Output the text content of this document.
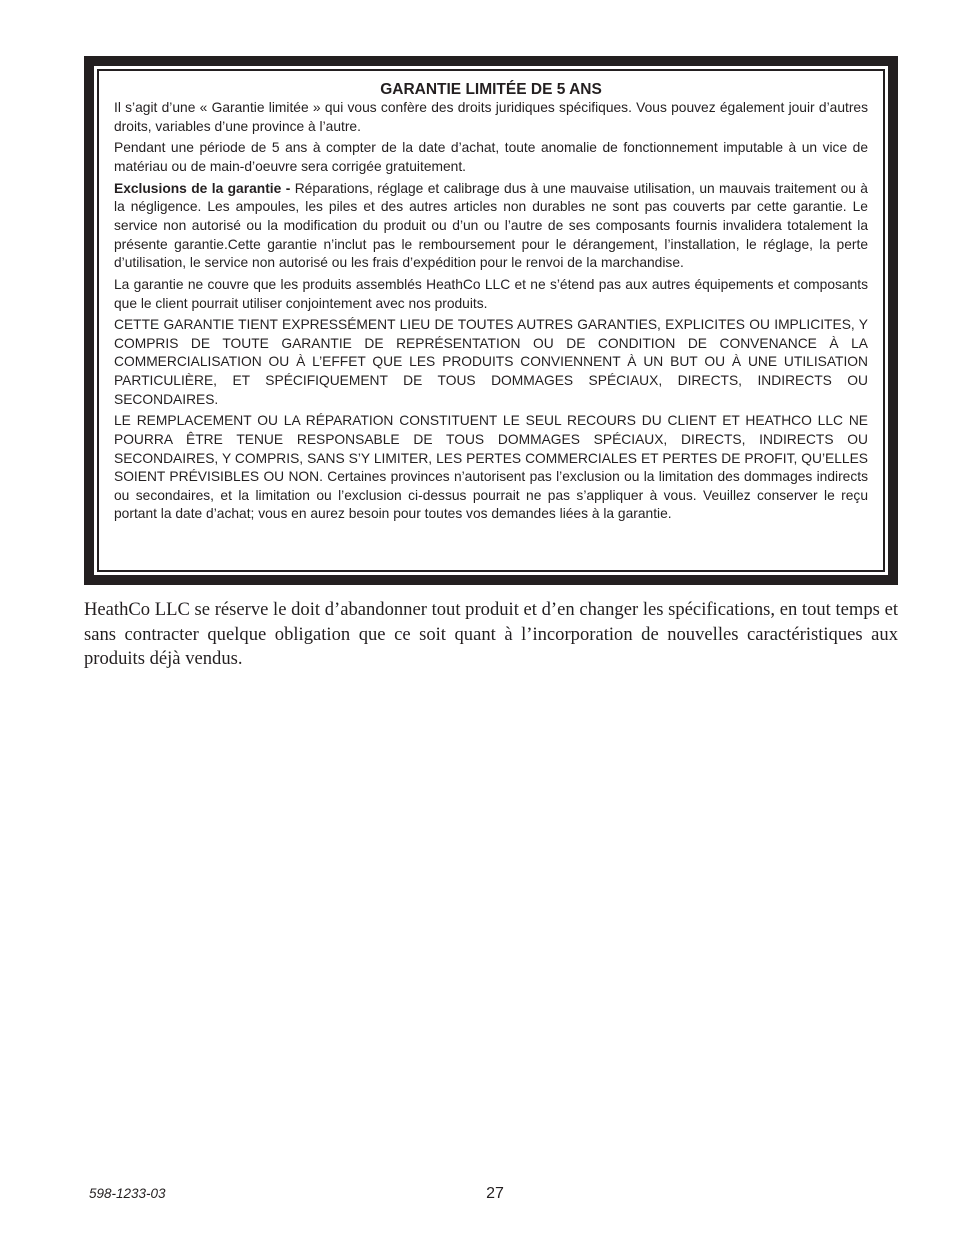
GARANTIE LIMITÉE DE 5 ANS

Il s’agit d’une « Garantie limitée » qui vous confère des droits juridiques spécifiques. Vous pouvez également jouir d’autres droits, variables d’une province à l’autre.

Pendant une période de 5 ans à compter de la date d’achat, toute anomalie de fonctionnement imputable à un vice de matériau ou de main-d’oeuvre sera corrigée gratuitement.

Exclusions de la garantie - Réparations, réglage et calibrage dus à une mauvaise utilisation, un mauvais traitement ou à la négligence. Les ampoules, les piles et des autres articles non durables ne sont pas couverts par cette garantie. Le service non autorisé ou la modification du produit ou d’un ou l’autre de ses composants fournis invalidera totalement la présente garantie.Cette garantie n’inclut pas le remboursement pour le dérangement, l’installation, le réglage, la perte d’utilisation, le service non autorisé ou les frais d’expédition pour le renvoi de la marchandise.

La garantie ne couvre que les produits assemblés HeathCo LLC et ne s’étend pas aux autres équipements et composants que le client pourrait utiliser conjointement avec nos produits.

CETTE GARANTIE TIENT EXPRESSÉMENT LIEU DE TOUTES AUTRES GARANTIES, EXPLICITES OU IMPLICITES, Y COMPRIS DE TOUTE GARANTIE DE REPRÉSENTATION OU DE CONDITION DE CONVENANCE À LA COMMERCIALISATION OU À L’EFFET QUE LES PRODUITS CONVIENNENT À UN BUT OU À UNE UTILISATION PARTICULIÈRE, ET SPÉCIFIQUEMENT DE TOUS DOMMAGES SPÉCIAUX, DIRECTS, INDIRECTS OU SECONDAIRES.

LE REMPLACEMENT OU LA RÉPARATION CONSTITUENT LE SEUL RECOURS DU CLIENT ET HEATHCO LLC NE POURRA ÊTRE TENUE RESPONSABLE DE TOUS DOMMAGES SPÉCIAUX, DIRECTS, INDIRECTS OU SECONDAIRES, Y COMPRIS, SANS S’Y LIMITER, LES PERTES COMMERCIALES ET PERTES DE PROFIT, QU’ELLES SOIENT PRÉVISIBLES OU NON. Certaines provinces n’autorisent pas l’exclusion ou la limitation des dommages indirects ou secondaires, et la limitation ou l’exclusion ci-dessus pourrait ne pas s’appliquer à vous. Veuillez conserver le reçu portant la date d’achat; vous en aurez besoin pour toutes vos demandes liées à la garantie.

HeathCo LLC se réserve le doit d’abandonner tout produit et d’en changer les spécifications, en tout temps et sans contracter quelque obligation que ce soit quant à l’incorporation de nouvelles caractéristiques aux produits déjà vendus.

598-1233-03	27
